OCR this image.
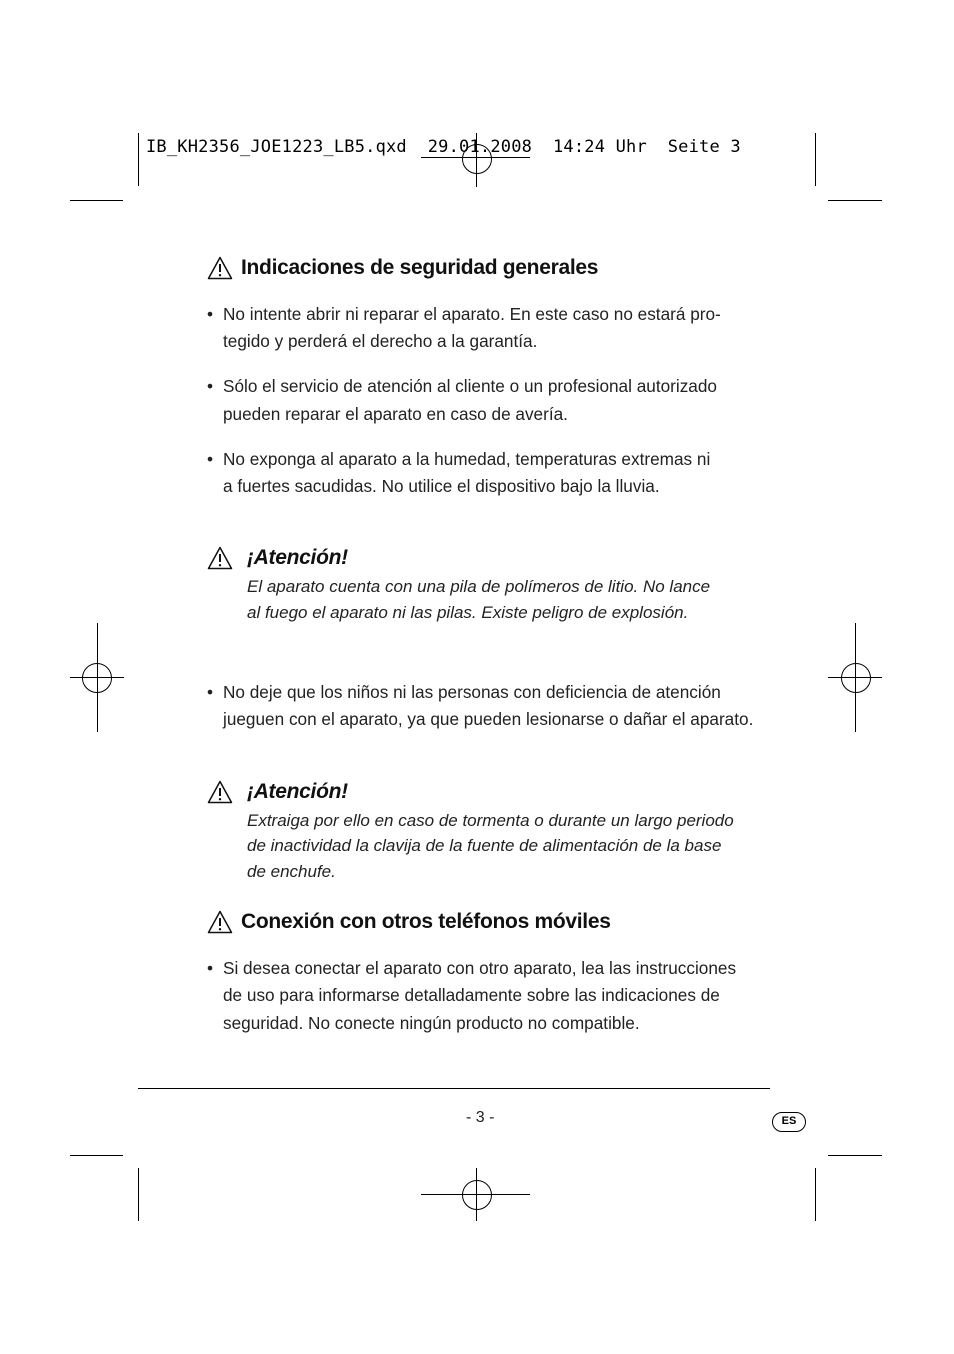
IB_KH2356_JOE1223_LB5.qxd  29.01.2008  14:24 Uhr  Seite 3
Indicaciones de seguridad generales

• No intente abrir ni reparar el aparato. En este caso no estará pro-
tegido y perderá el derecho a la garantía.

• Sólo el servicio de atención al cliente o un profesional autorizado
pueden reparar el aparato en caso de avería.

• No exponga al aparato a la humedad, temperaturas extremas ni
a fuertes sacudidas. No utilice el dispositivo bajo la lluvia.

¡Atención!
El aparato cuenta con una pila de polímeros de litio. No lance
al fuego el aparato ni las pilas. Existe peligro de explosión.

• No deje que los niños ni las personas con deficiencia de atención
jueguen con el aparato, ya que pueden lesionarse o dañar el aparato.

¡Atención!
Extraiga por ello en caso de tormenta o durante un largo periodo
de inactividad la clavija de la fuente de alimentación de la base
de enchufe.
Conexión con otros teléfonos móviles

• Si desea conectar el aparato con otro aparato, lea las instrucciones
de uso para informarse detalladamente sobre las indicaciones de
seguridad. No conecte ningún producto no compatible.

- 3 -	ES
